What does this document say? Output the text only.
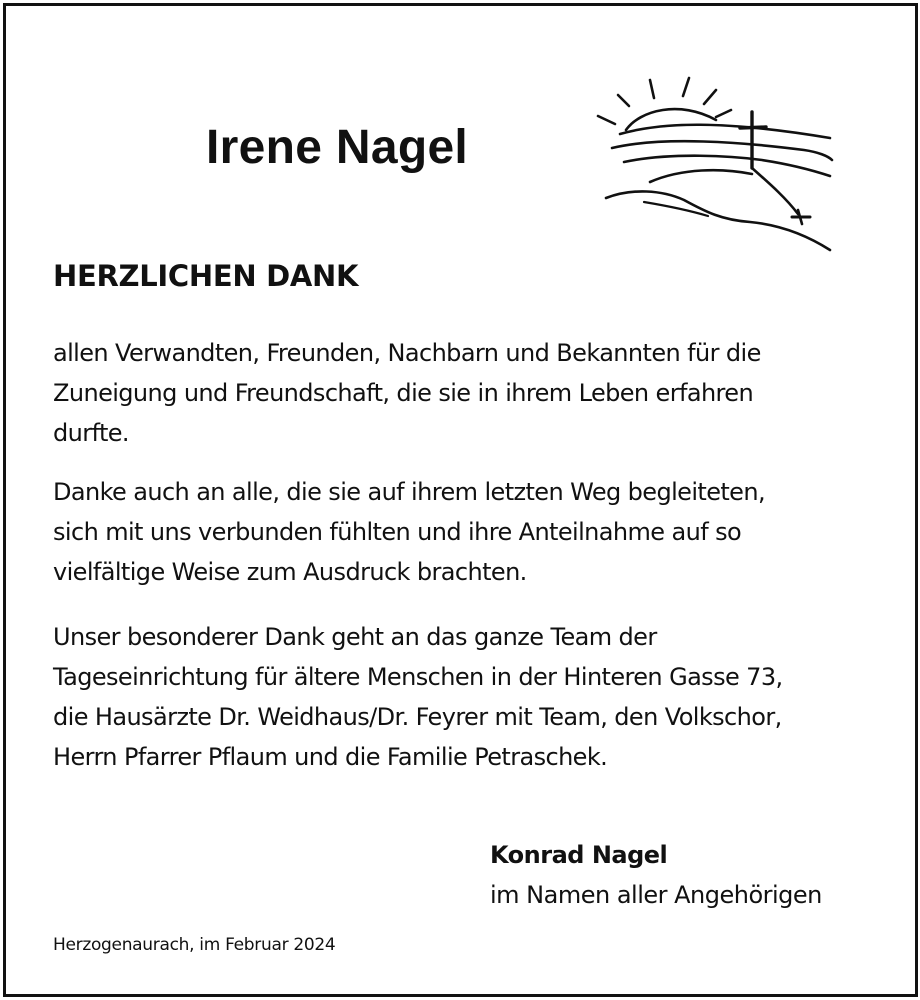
Irene Nagel
HERZLICHEN DANK

allen Verwandten, Freunden, Nachbarn und Bekannten für die
Zuneigung und Freundschaft, die sie in ihrem Leben erfahren
durfte.

Danke auch an alle, die sie auf ihrem letzten Weg begleiteten,
sich mit uns verbunden fühlten und ihre Anteilnahme auf so
vielfältige Weise zum Ausdruck brachten.

Unser besonderer Dank geht an das ganze Team der
Tageseinrichtung für ältere Menschen in der Hinteren Gasse 73,
die Hausärzte Dr. Weidhaus/Dr. Feyrer mit Team, den Volkschor,
Herrn Pfarrer Pflaum und die Familie Petraschek.

Konrad Nagel
im Namen aller Angehörigen
Herzogenaurach, im Februar 2024
